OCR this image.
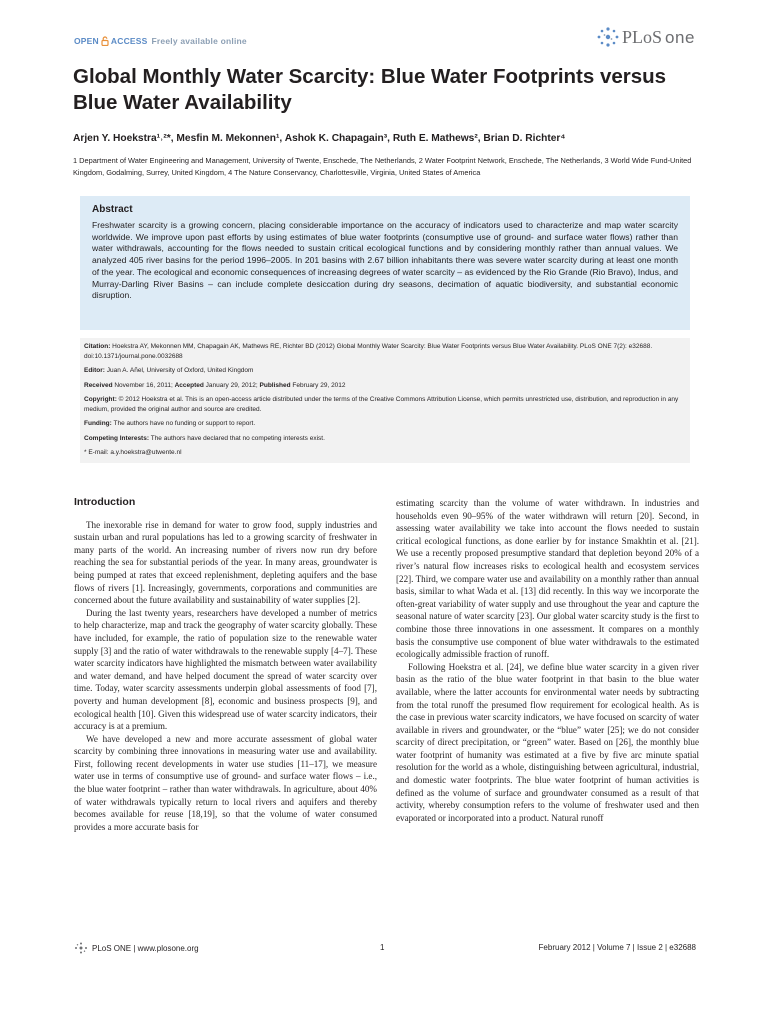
OPEN ACCESS Freely available online	PLoS one
Global Monthly Water Scarcity: Blue Water Footprints versus Blue Water Availability
Arjen Y. Hoekstra¹˒²*, Mesfin M. Mekonnen¹, Ashok K. Chapagain³, Ruth E. Mathews², Brian D. Richter⁴
1 Department of Water Engineering and Management, University of Twente, Enschede, The Netherlands, 2 Water Footprint Network, Enschede, The Netherlands, 3 World Wide Fund-United Kingdom, Godalming, Surrey, United Kingdom, 4 The Nature Conservancy, Charlottesville, Virginia, United States of America
Abstract

Freshwater scarcity is a growing concern, placing considerable importance on the accuracy of indicators used to characterize and map water scarcity worldwide. We improve upon past efforts by using estimates of blue water footprints (consumptive use of ground- and surface water flows) rather than water withdrawals, accounting for the flows needed to sustain critical ecological functions and by considering monthly rather than annual values. We analyzed 405 river basins for the period 1996–2005. In 201 basins with 2.67 billion inhabitants there was severe water scarcity during at least one month of the year. The ecological and economic consequences of increasing degrees of water scarcity – as evidenced by the Rio Grande (Rio Bravo), Indus, and Murray-Darling River Basins – can include complete desiccation during dry seasons, decimation of aquatic biodiversity, and substantial economic disruption.

Citation: Hoekstra AY, Mekonnen MM, Chapagain AK, Mathews RE, Richter BD (2012) Global Monthly Water Scarcity: Blue Water Footprints versus Blue Water Availability. PLoS ONE 7(2): e32688. doi:10.1371/journal.pone.0032688
Editor: Juan A. Añel, University of Oxford, United Kingdom
Received November 16, 2011; Accepted January 29, 2012; Published February 29, 2012
Copyright: © 2012 Hoekstra et al. This is an open-access article distributed under the terms of the Creative Commons Attribution License, which permits unrestricted use, distribution, and reproduction in any medium, provided the original author and source are credited.
Funding: The authors have no funding or support to report.
Competing Interests: The authors have declared that no competing interests exist.
* E-mail: a.y.hoekstra@utwente.nl
Introduction

The inexorable rise in demand for water to grow food, supply industries and sustain urban and rural populations has led to a growing scarcity of freshwater in many parts of the world. An increasing number of rivers now run dry before reaching the sea for substantial periods of the year. In many areas, groundwater is being pumped at rates that exceed replenishment, depleting aquifers and the base flows of rivers [1]. Increasingly, governments, corporations and communities are concerned about the future availability and sustainability of water supplies [2].

During the last twenty years, researchers have developed a number of metrics to help characterize, map and track the geography of water scarcity globally. These have included, for example, the ratio of population size to the renewable water supply [3] and the ratio of water withdrawals to the renewable supply [4–7]. These water scarcity indicators have highlighted the mismatch between water availability and water demand, and have helped document the spread of water scarcity over time. Today, water scarcity assessments underpin global assessments of food [7], poverty and human development [8], economic and business prospects [9], and ecological health [10]. Given this widespread use of water scarcity indicators, their accuracy is at a premium.

We have developed a new and more accurate assessment of global water scarcity by combining three innovations in measuring water use and availability. First, following recent developments in water use studies [11–17], we measure water use in terms of consumptive use of ground- and surface water flows – i.e., the blue water footprint – rather than water withdrawals. In agriculture, about 40% of water withdrawals typically return to local rivers and aquifers and thereby becomes available for reuse [18,19], so that the volume of water consumed provides a more accurate basis for

estimating scarcity than the volume of water withdrawn. In industries and households even 90–95% of the water withdrawn will return [20]. Second, in assessing water availability we take into account the flows needed to sustain critical ecological functions, as done earlier by for instance Smakhtin et al. [21]. We use a recently proposed presumptive standard that depletion beyond 20% of a river’s natural flow increases risks to ecological health and ecosystem services [22]. Third, we compare water use and availability on a monthly rather than annual basis, similar to what Wada et al. [13] did recently. In this way we incorporate the often-great variability of water supply and use throughout the year and capture the seasonal nature of water scarcity [23]. Our global water scarcity study is the first to combine those three innovations in one assessment. It compares on a monthly basis the consumptive use component of blue water withdrawals to the estimated ecologically admissible fraction of runoff.

Following Hoekstra et al. [24], we define blue water scarcity in a given river basin as the ratio of the blue water footprint in that basin to the blue water available, where the latter accounts for environmental water needs by subtracting from the total runoff the presumed flow requirement for ecological health. As is the case in previous water scarcity indicators, we have focused on scarcity of water available in rivers and groundwater, or the “blue” water [25]; we do not consider scarcity of direct precipitation, or “green” water. Based on [26], the monthly blue water footprint of humanity was estimated at a five by five arc minute spatial resolution for the world as a whole, distinguishing between agricultural, industrial, and domestic water footprints. The blue water footprint of human activities is defined as the volume of surface and groundwater consumed as a result of that activity, whereby consumption refers to the volume of freshwater used and then evaporated or incorporated into a product. Natural runoff

PLoS ONE | www.plosone.org	1	February 2012 | Volume 7 | Issue 2 | e32688
